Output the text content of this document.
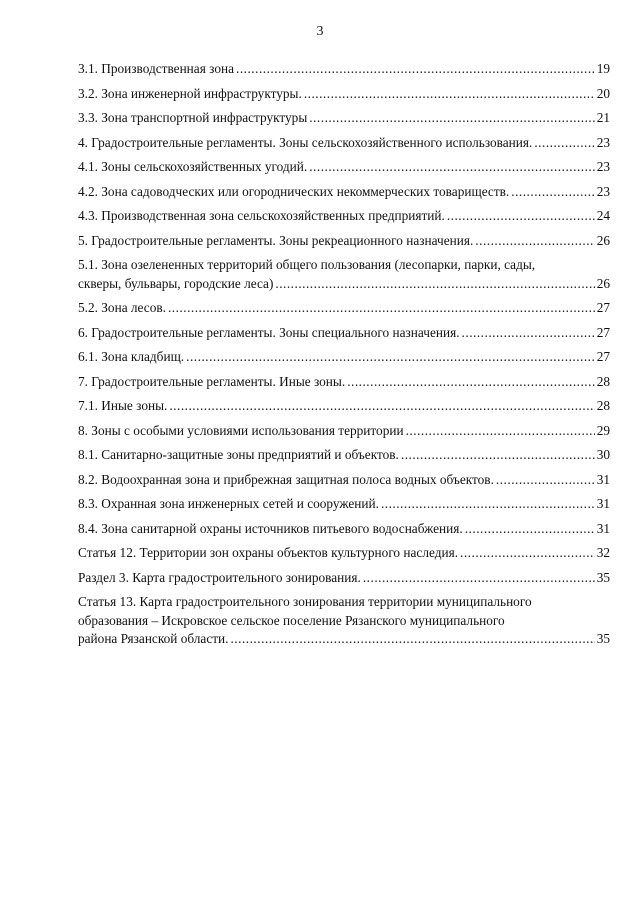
3
3.1. Производственная зона .....	19
3.2. Зона инженерной инфраструктуры. .....	20
3.3. Зона транспортной инфраструктуры .....	21
4. Градостроительные регламенты. Зоны сельскохозяйственного использования. .....	23
4.1. Зоны сельскохозяйственных угодий. .....	23
4.2. Зона садоводческих или огороднических некоммерческих товариществ. .....	23
4.3. Производственная зона сельскохозяйственных предприятий. .....	24
5. Градостроительные регламенты. Зоны рекреационного назначения. .....	26
5.1. Зона озелененных территорий общего пользования (лесопарки, парки, сады,
скверы, бульвары, городские леса) .....	26
5.2. Зона лесов. .....	27
6. Градостроительные регламенты. Зоны специального назначения. .....	27
6.1. Зона кладбищ. .....	27
7. Градостроительные регламенты. Иные зоны. .....	28
7.1. Иные зоны. .....	28
8. Зоны с особыми условиями использования территории .....	29
8.1. Санитарно-защитные зоны предприятий и объектов. .....	30
8.2. Водоохранная зона и прибрежная защитная полоса водных объектов. .....	31
8.3. Охранная зона инженерных сетей и сооружений. .....	31
8.4. Зона санитарной охраны источников питьевого водоснабжения. .....	31
Статья 12. Территории зон охраны объектов культурного наследия. .....	32
Раздел 3. Карта градостроительного зонирования. .....	35
Статья 13. Карта градостроительного зонирования территории муниципального
образования – Искровское сельское поселение Рязанского муниципального
района Рязанской области. .....	35
